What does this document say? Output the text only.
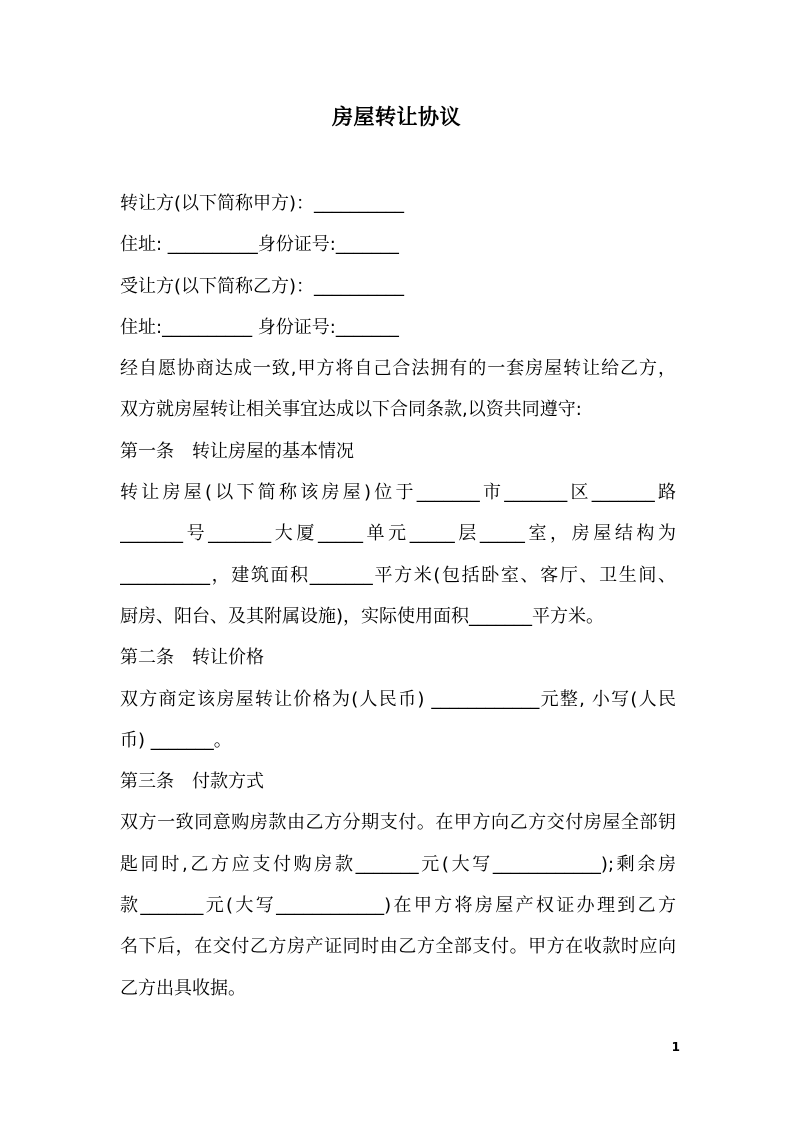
房屋转让协议
转让方(以下简称甲方)：__________
住址: __________身份证号:_______
受让方(以下简称乙方)：__________
住址:__________ 身份证号:_______
经自愿协商达成一致,甲方将自己合法拥有的一套房屋转让给乙方，
双方就房屋转让相关事宜达成以下合同条款,以资共同遵守:
第一条　转让房屋的基本情况
转让房屋(以下简称该房屋)位于_______市_______区_______路
_______号_______大厦_____单元_____层_____室，房屋结构为
__________，建筑面积_______平方米(包括卧室、客厅、卫生间、
厨房、阳台、及其附属设施)，实际使用面积_______平方米。
第二条　转让价格
双方商定该房屋转让价格为(人民币) ____________元整, 小写(人民
币) _______。
第三条　付款方式
双方一致同意购房款由乙方分期支付。在甲方向乙方交付房屋全部钥
匙同时,乙方应支付购房款_______元(大写____________);剩余房
款_______元(大写____________)在甲方将房屋产权证办理到乙方
名下后，在交付乙方房产证同时由乙方全部支付。甲方在收款时应向
乙方出具收据。
1
